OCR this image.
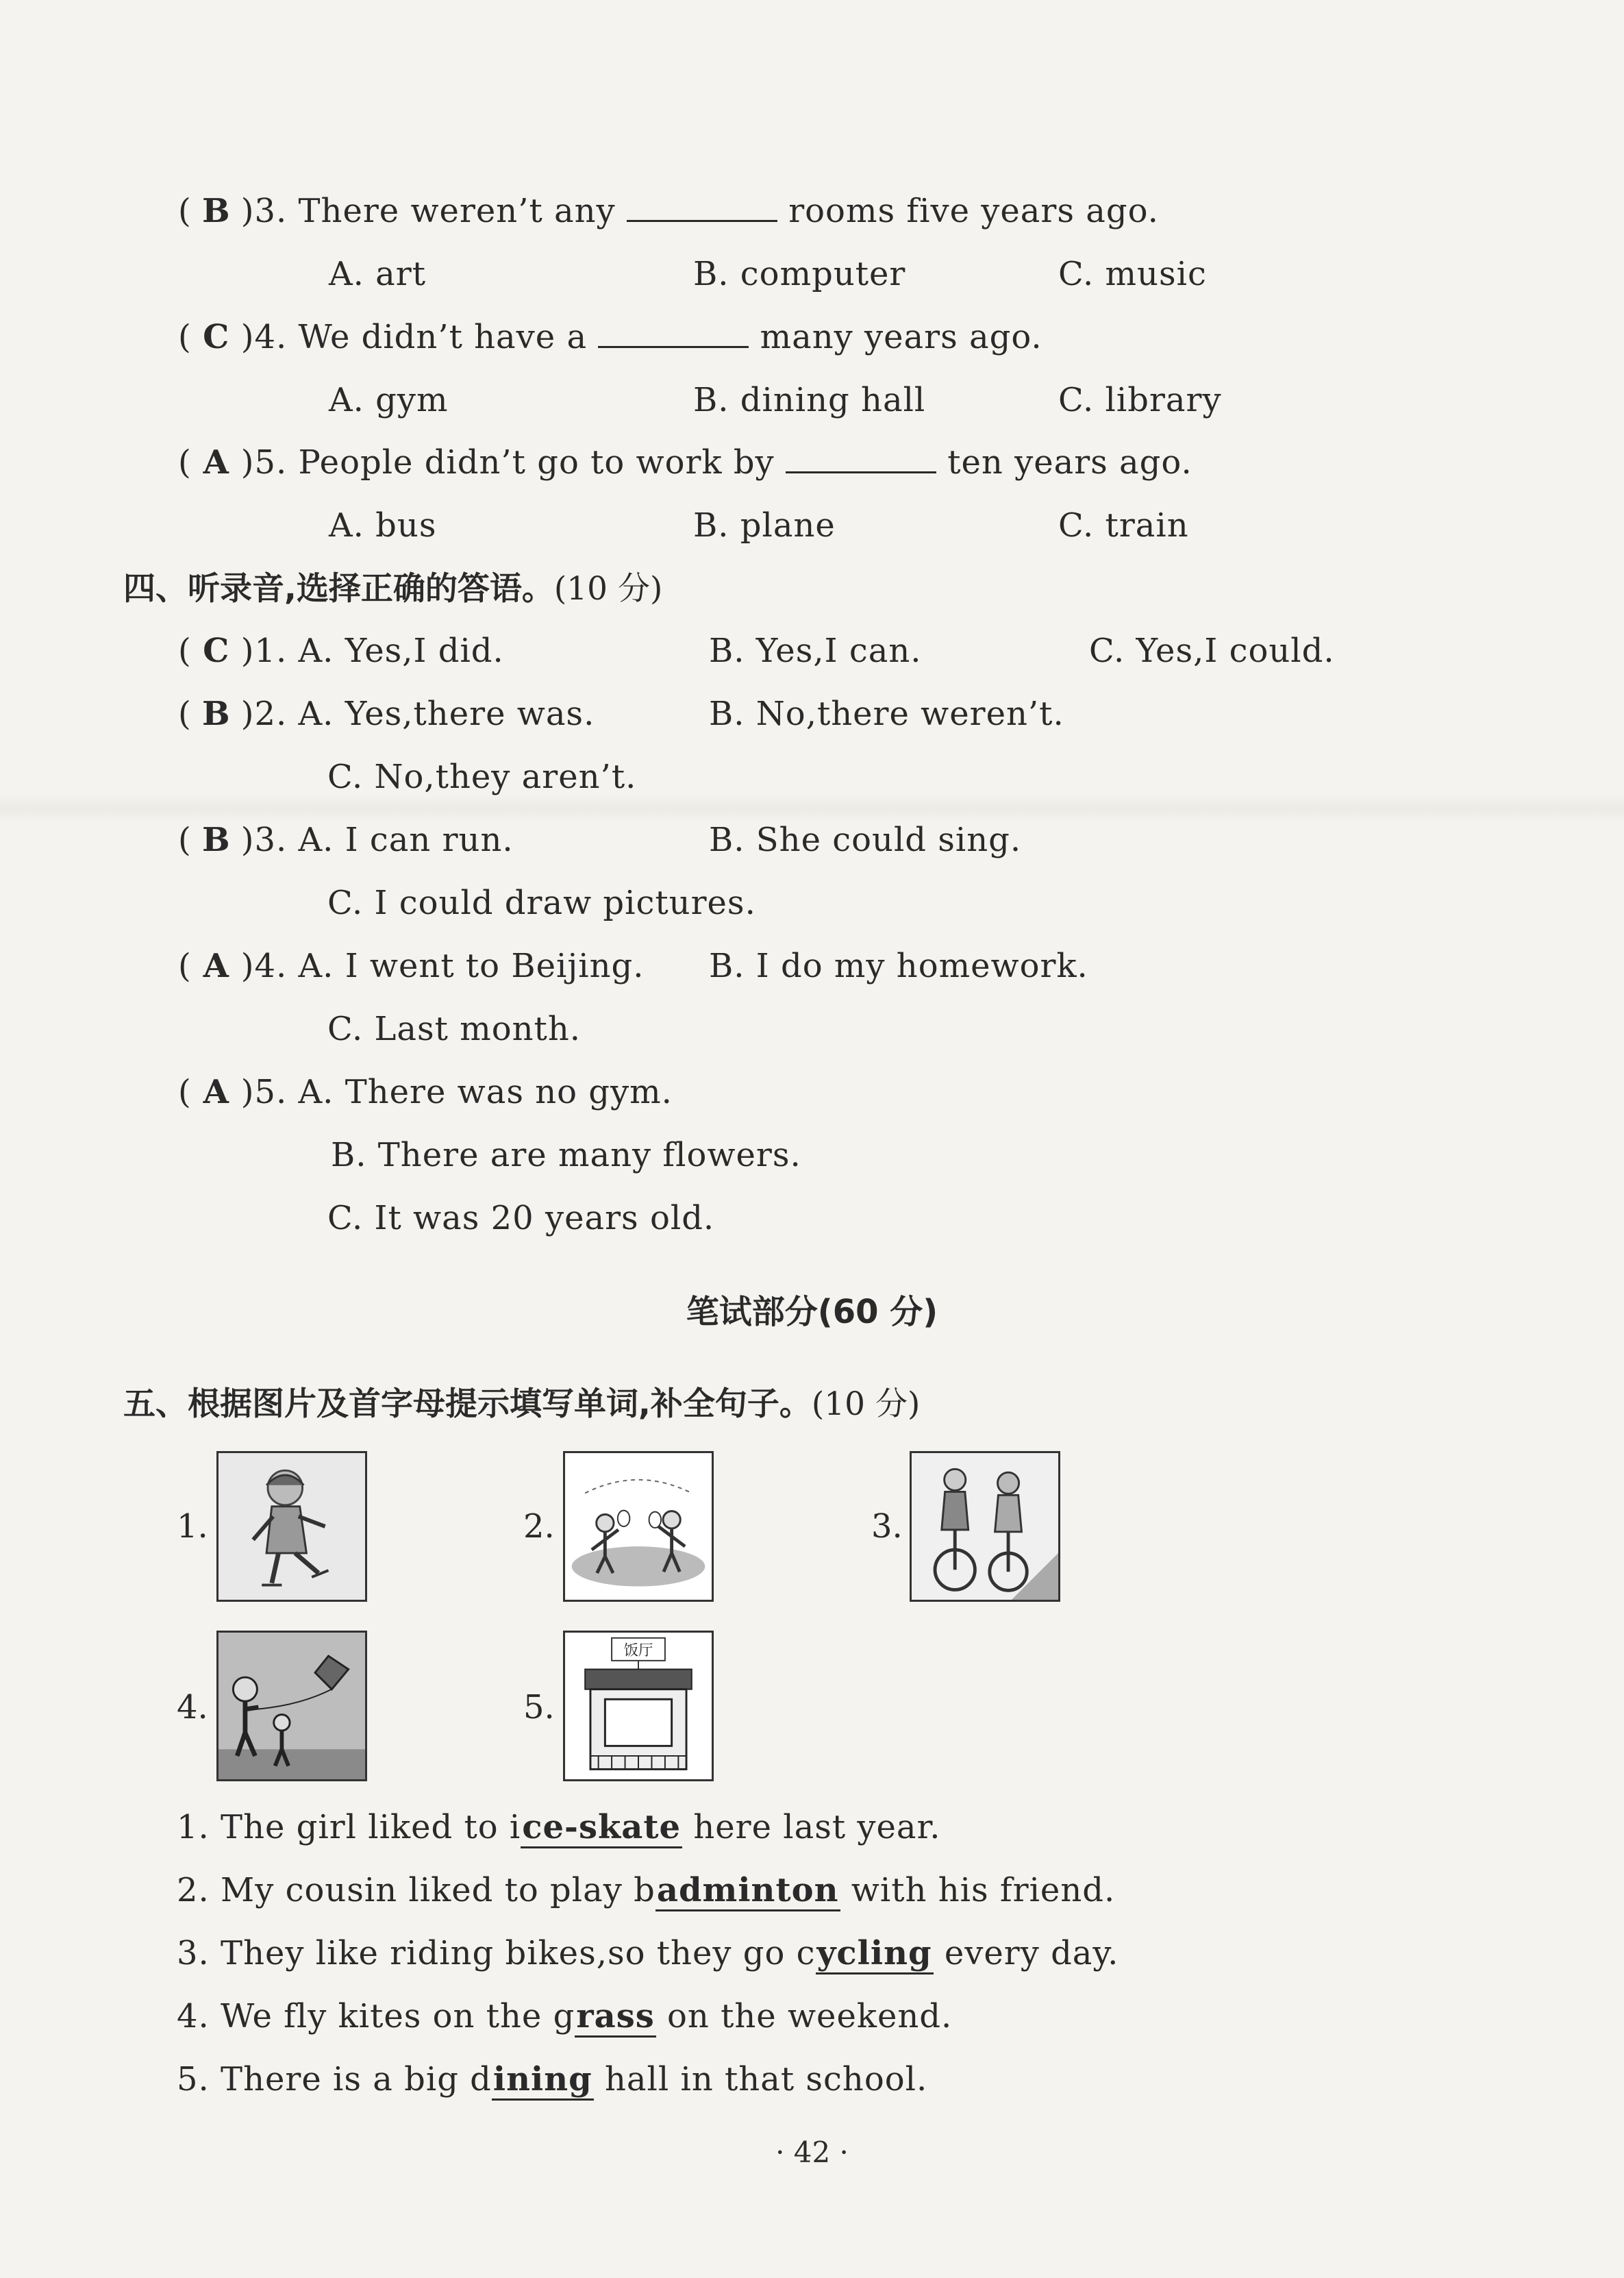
( B )3. There weren’t any	rooms five years ago.
A. art	B. computer	C. music
( C )4. We didn’t have a	many years ago.
A. gym	B. dining hall	C. library
( A )5. People didn’t go to work by	ten years ago.
A. bus	B. plane	C. train
四、听录音,选择正确的答语。(10 分)
( C )1. A. Yes,I did.	B. Yes,I can.	C. Yes,I could.
( B )2. A. Yes,there was.	B. No,there weren’t.
C. No,they aren’t.
( B )3. A. I can run.	B. She could sing.
C. I could draw pictures.
( A )4. A. I went to Beijing. B. I do my homework.
C. Last month.
( A )5. A. There was no gym.
B. There are many flowers.
C. It was 20 years old.
笔试部分(60 分)
五、根据图片及首字母提示填写单词,补全句子。(10 分)
1.	2.	3.
4.	5.
饭厅
1. The girl liked to ice-skate here last year.
2. My cousin liked to play badminton with his friend.
3. They like riding bikes,so they go cycling every day.
4. We fly kites on the grass on the weekend.
5. There is a big dining hall in that school.
· 42 ·
